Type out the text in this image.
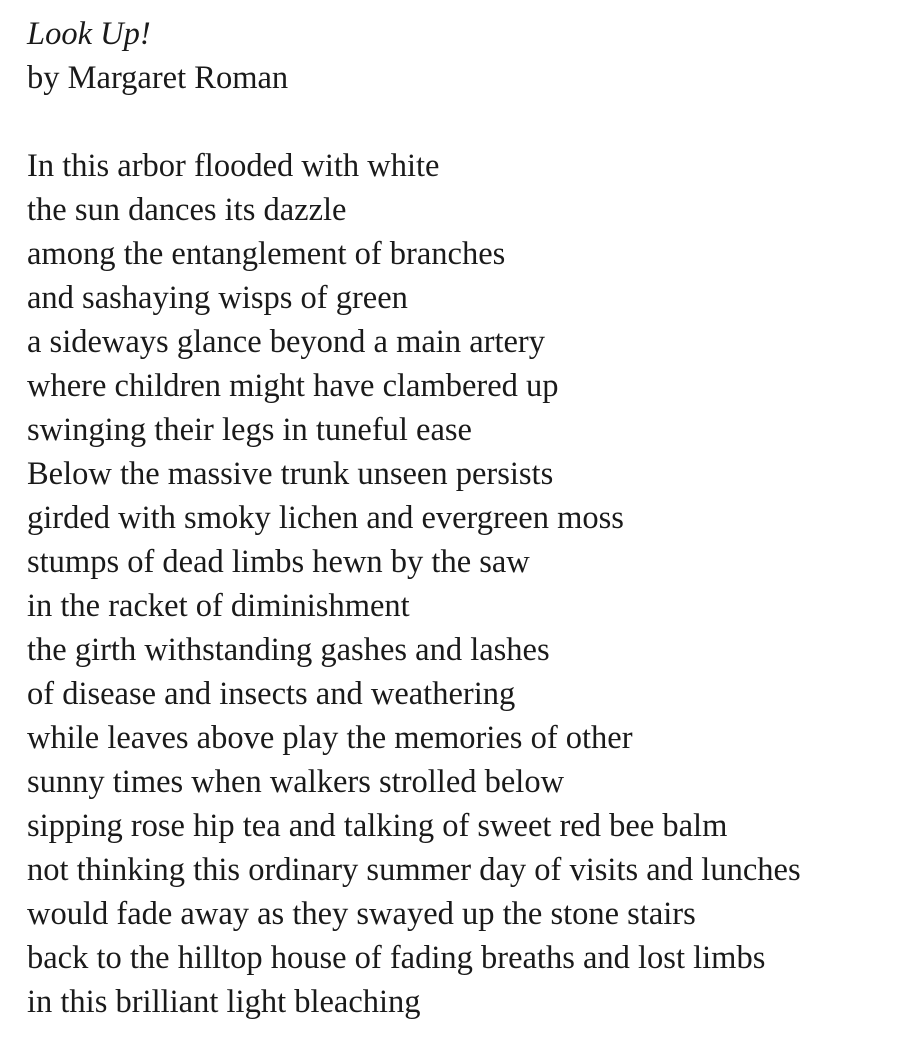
Look Up!
by Margaret Roman
In this arbor flooded with white
the sun dances its dazzle
among the entanglement of branches
and sashaying wisps of green
a sideways glance beyond a main artery
where children might have clambered up
swinging their legs in tuneful ease
Below the massive trunk unseen persists
girded with smoky lichen and evergreen moss
stumps of dead limbs hewn by the saw
in the racket of diminishment
the girth withstanding gashes and lashes
of disease and insects and weathering
while leaves above play the memories of other
sunny times when walkers strolled below
sipping rose hip tea and talking of sweet red bee balm
not thinking this ordinary summer day of visits and lunches
would fade away as they swayed up the stone stairs
back to the hilltop house of fading breaths and lost limbs
in this brilliant light bleaching
